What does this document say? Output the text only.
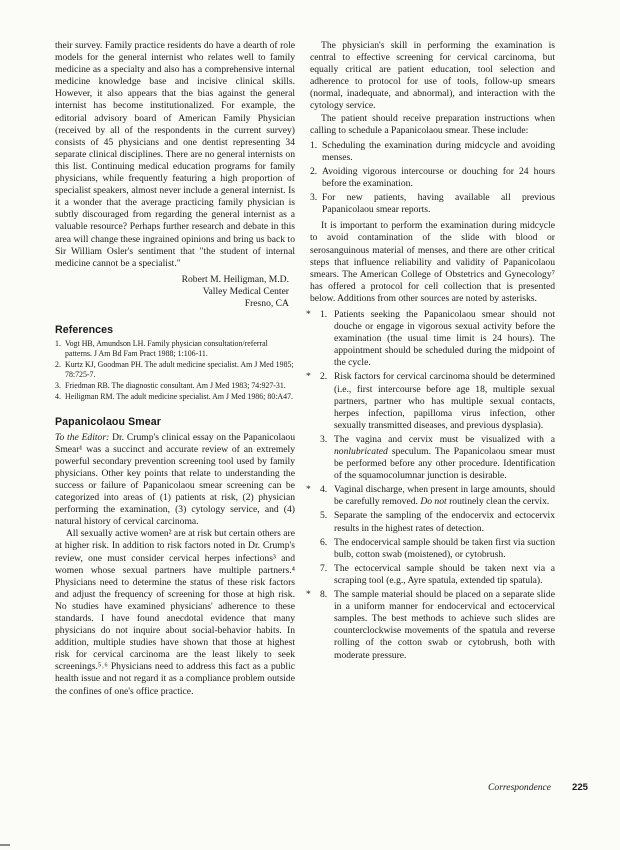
their survey. Family practice residents do have a dearth of role models for the general internist who relates well to family medicine as a specialty and also has a comprehensive internal medicine knowledge base and incisive clinical skills. However, it also appears that the bias against the general internist has become institutionalized. For example, the editorial advisory board of American Family Physician (received by all of the respondents in the current survey) consists of 45 physicians and one dentist representing 34 separate clinical disciplines. There are no general internists on this list. Continuing medical education programs for family physicians, while frequently featuring a high proportion of specialist speakers, almost never include a general internist. Is it a wonder that the average practicing family physician is subtly discouraged from regarding the general internist as a valuable resource? Perhaps further research and debate in this area will change these ingrained opinions and bring us back to Sir William Osler's sentiment that "the student of internal medicine cannot be a specialist."

Robert M. Heiligman, M.D.
Valley Medical Center
Fresno, CA
References
1. Vogt HB, Amundson LH. Family physician consultation/referral patterns. J Am Bd Fam Pract 1988; 1:106-11.
2. Kurtz KJ, Goodman PH. The adult medicine specialist. Am J Med 1985; 78:725-7.
3. Friedman RB. The diagnostic consultant. Am J Med 1983; 74:927-31.
4. Heiligman RM. The adult medicine specialist. Am J Med 1986; 80:A47.
Papanicolaou Smear

To the Editor: Dr. Crump's clinical essay on the Papanicolaou Smear¹ was a succinct and accurate review of an extremely powerful secondary prevention screening tool used by family physicians. Other key points that relate to understanding the success or failure of Papanicolaou smear screening can be categorized into areas of (1) patients at risk, (2) physician performing the examination, (3) cytology service, and (4) natural history of cervical carcinoma.

All sexually active women² are at risk but certain others are at higher risk. In addition to risk factors noted in Dr. Crump's review, one must consider cervical herpes infections³ and women whose sexual partners have multiple partners.⁴ Physicians need to determine the status of these risk factors and adjust the frequency of screening for those at high risk. No studies have examined physicians' adherence to these standards. I have found anecdotal evidence that many physicians do not inquire about social-behavior habits. In addition, multiple studies have shown that those at highest risk for cervical carcinoma are the least likely to seek screenings.⁵˒⁶ Physicians need to address this fact as a public health issue and not regard it as a compliance problem outside the confines of one's office practice.

The physician's skill in performing the examination is central to effective screening for cervical carcinoma, but equally critical are patient education, tool selection and adherence to protocol for use of tools, follow-up smears (normal, inadequate, and abnormal), and interaction with the cytology service.

The patient should receive preparation instructions when calling to schedule a Papanicolaou smear. These include:

1. Scheduling the examination during midcycle and avoiding menses.
2. Avoiding vigorous intercourse or douching for 24 hours before the examination.
3. For new patients, having available all previous Papanicolaou smear reports.

It is important to perform the examination during midcycle to avoid contamination of the slide with blood or serosanguinous material of menses, and there are other critical steps that influence reliability and validity of Papanicolaou smears. The American College of Obstetrics and Gynecology⁷ has offered a protocol for cell collection that is presented below. Additions from other sources are noted by asterisks.

* 1. Patients seeking the Papanicolaou smear should not douche or engage in vigorous sexual activity before the examination (the usual time limit is 24 hours). The appointment should be scheduled during the midpoint of the cycle.
* 2. Risk factors for cervical carcinoma should be determined (i.e., first intercourse before age 18, multiple sexual partners, partner who has multiple sexual contacts, herpes infection, papilloma virus infection, other sexually transmitted diseases, and previous dysplasia).
3. The vagina and cervix must be visualized with a nonlubricated speculum. The Papanicolaou smear must be performed before any other procedure. Identification of the squamocolumnar junction is desirable.
* 4. Vaginal discharge, when present in large amounts, should be carefully removed. Do not routinely clean the cervix.
5. Separate the sampling of the endocervix and ectocervix results in the highest rates of detection.
6. The endocervical sample should be taken first via suction bulb, cotton swab (moistened), or cytobrush.
7. The ectocervical sample should be taken next via a scraping tool (e.g., Ayre spatula, extended tip spatula).
* 8. The sample material should be placed on a separate slide in a uniform manner for endocervical and ectocervical samples. The best methods to achieve such slides are counterclockwise movements of the spatula and reverse rolling of the cotton swab or cytobrush, both with moderate pressure.
Correspondence	225
